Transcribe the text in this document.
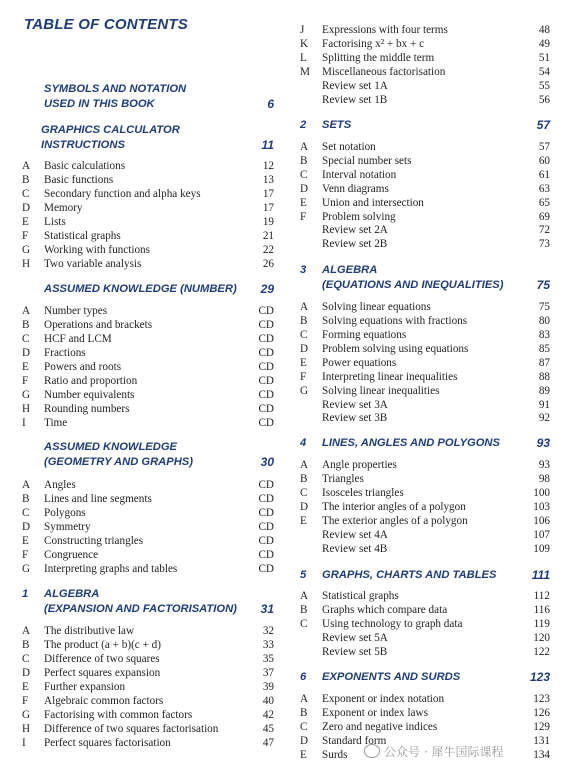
TABLE OF CONTENTS
SYMBOLS AND NOTATION
USED IN THIS BOOK	6
GRAPHICS CALCULATOR
INSTRUCTIONS	11
A Basic calculations	12
B Basic functions	13
C Secondary function and alpha keys	17
D Memory	17
E Lists	19
F Statistical graphs	21
G Working with functions	22
H Two variable analysis	26
ASSUMED KNOWLEDGE (NUMBER) 29
A Number types	CD
B Operations and brackets	CD
C HCF and LCM	CD
D Fractions	CD
E Powers and roots	CD
F Ratio and proportion	CD
G Number equivalents	CD
H Rounding numbers	CD
I Time	CD
ASSUMED KNOWLEDGE
(GEOMETRY AND GRAPHS)	30
A Angles	CD
B Lines and line segments	CD
C Polygons	CD
D Symmetry	CD
E Constructing triangles	CD
F Congruence	CD
G Interpreting graphs and tables	CD
1 ALGEBRA
(EXPANSION AND FACTORISATION) 31
A The distributive law	32
B The product (a + b)(c + d)	33
C Difference of two squares	35
D Perfect squares expansion	37
E Further expansion	39
F Algebraic common factors	40
G Factorising with common factors	42
H Difference of two squares factorisation	45
I Perfect squares factorisation	47
J Expressions with four terms	48
K Factorising x² + bx + c	49
L Splitting the middle term	51
M Miscellaneous factorisation	54
Review set 1A	55
Review set 1B	56
2 SETS	57
A Set notation	57
B Special number sets	60
C Interval notation	61
D Venn diagrams	63
E Union and intersection	65
F Problem solving	69
Review set 2A	72
Review set 2B	73
3 ALGEBRA
(EQUATIONS AND INEQUALITIES)	75
A Solving linear equations	75
B Solving equations with fractions	80
C Forming equations	83
D Problem solving using equations	85
E Power equations	87
F Interpreting linear inequalities	88
G Solving linear inequalities	89
Review set 3A	91
Review set 3B	92
4 LINES, ANGLES AND POLYGONS	93
A Angle properties	93
B Triangles	98
C Isosceles triangles	100
D The interior angles of a polygon	103
E The exterior angles of a polygon	106
Review set 4A	107
Review set 4B	109
5 GRAPHS, CHARTS AND TABLES	111
A Statistical graphs	112
B Graphs which compare data	116
C Using technology to graph data	119
Review set 5A	120
Review set 5B	122
6 EXPONENTS AND SURDS	123
A Exponent or index notation	123
B Exponent or index laws	126
C Zero and negative indices	129
D Standard form	131
E Surds	134
公众号 · 犀牛国际课程
